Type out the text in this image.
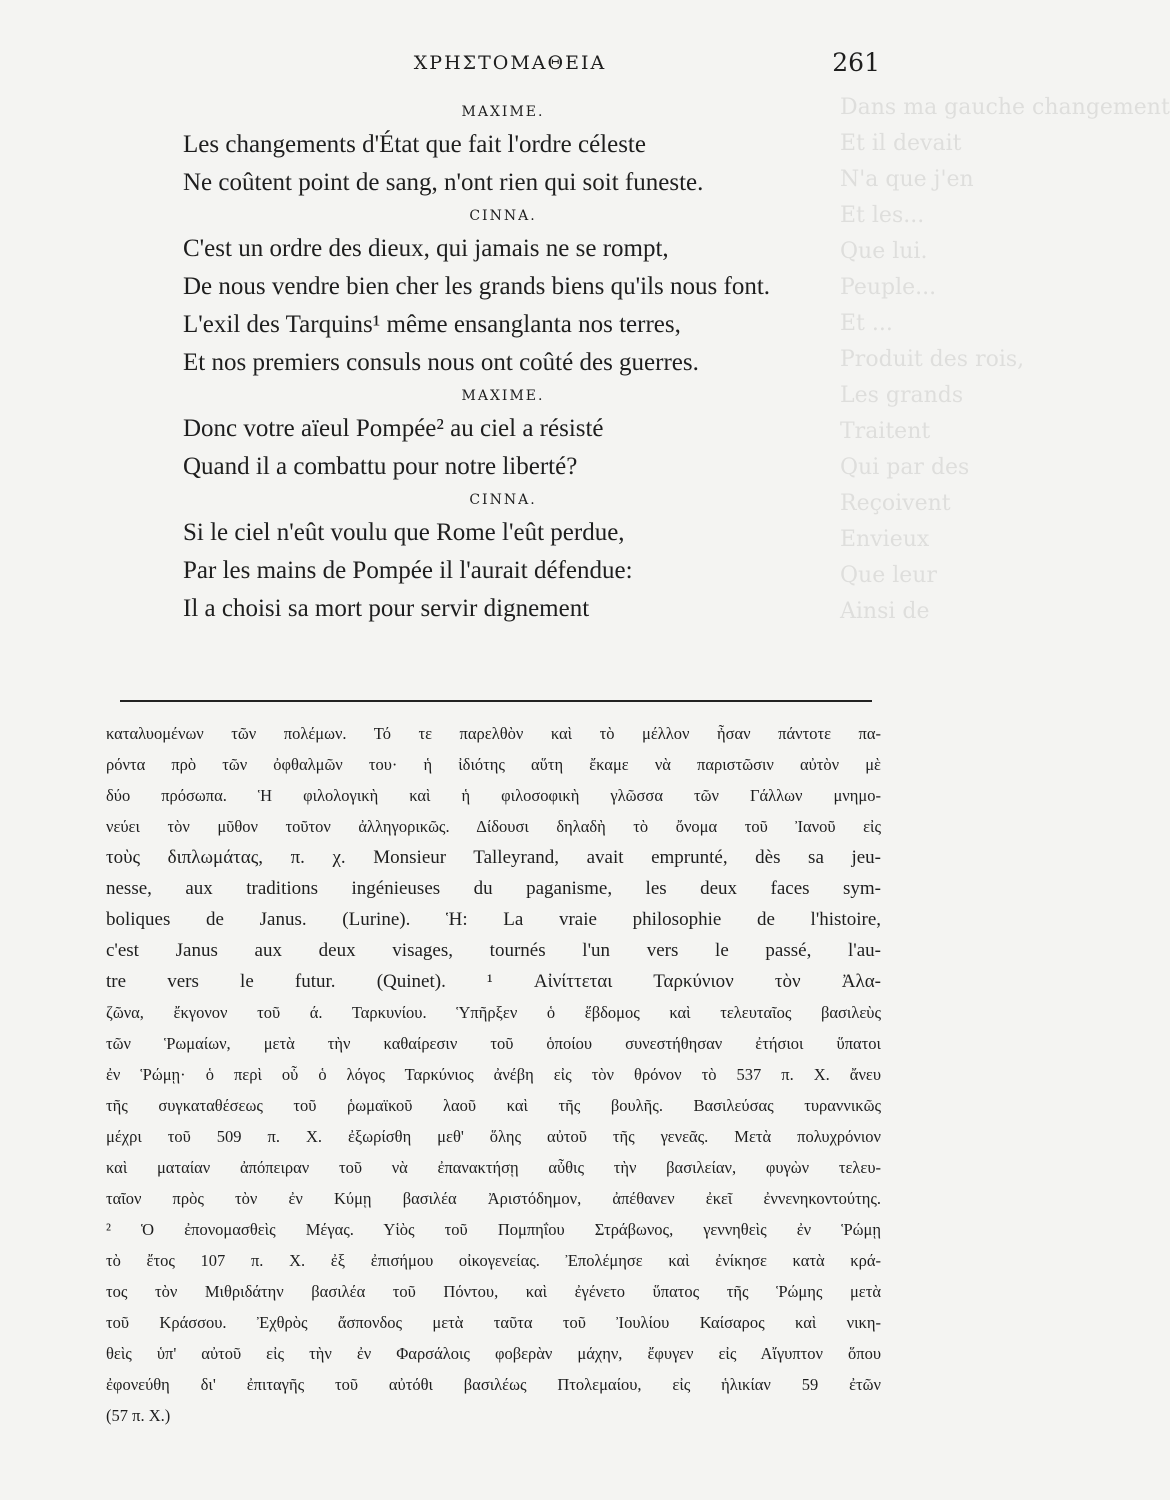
Dans ma gauche changement
Et il devait
N'a que j'en
Et les...
Que lui.
Peuple...
Et ...
Produit des rois,
Les grands
Traitent
Qui par des
Reçoivent
Envieux
Que leur
Ainsi de
ΧΡΗΣΤΟΜΑΘΕΙΑ	261
MAXIME.
Les changements d'État que fait l'ordre céleste
Ne coûtent point de sang, n'ont rien qui soit funeste.
CINNA.
C'est un ordre des dieux, qui jamais ne se rompt,
De nous vendre bien cher les grands biens qu'ils nous font.
L'exil des Tarquins¹ même ensanglanta nos terres,
Et nos premiers consuls nous ont coûté des guerres.
MAXIME.
Donc votre aïeul Pompée² au ciel a résisté
Quand il a combattu pour notre liberté?
CINNA.
Si le ciel n'eût voulu que Rome l'eût perdue,
Par les mains de Pompée il l'aurait défendue:
Il a choisi sa mort pour servir dignement
καταλυομένων τῶν πολέμων. Τό τε παρελθὸν καὶ τὸ μέλλον ἦσαν πάντοτε πα-
ρόντα πρὸ τῶν ὀφθαλμῶν του· ἡ ἰδιότης αὕτη ἔκαμε νὰ παριστῶσιν αὐτὸν μὲ
δύο πρόσωπα. Ἡ φιλολογικὴ καὶ ἡ φιλοσοφικὴ γλῶσσα τῶν Γάλλων μνημο-
νεύει τὸν μῦθον τοῦτον ἀλληγορικῶς. Δίδουσι δηλαδὴ τὸ ὄνομα τοῦ Ἰανοῦ εἰς
τοὺς διπλωμάτας, π. χ. Monsieur Talleyrand, avait emprunté, dès sa jeu-
nesse, aux traditions ingénieuses du paganisme, les deux faces sym-
boliques de Janus. (Lurine). Ἡ: La vraie philosophie de l'histoire,
c'est Janus aux deux visages, tournés l'un vers le passé, l'au-
tre vers le futur. (Quinet). ¹ Αἰνίττεται Ταρκύνιον τὸν Ἀλα-
ζῶνα, ἔκγονον τοῦ ά. Ταρκυνίου. Ὑπῆρξεν ὁ ἕβδομος καὶ τελευταῖος βασιλεὺς
τῶν Ῥωμαίων, μετὰ τὴν καθαίρεσιν τοῦ ὁποίου συνεστήθησαν ἐτήσιοι ὕπατοι
ἐν Ῥώμῃ· ὁ περὶ οὗ ὁ λόγος Ταρκύνιος ἀνέβη εἰς τὸν θρόνον τὸ 537 π. Χ. ἄνευ
τῆς συγκαταθέσεως τοῦ ῥωμαϊκοῦ λαοῦ καὶ τῆς βουλῆς. Βασιλεύσας τυραννικῶς
μέχρι τοῦ 509 π. Χ. ἐξωρίσθη μεθ' ὅλης αὐτοῦ τῆς γενεᾶς. Μετὰ πολυχρόνιον
καὶ ματαίαν ἀπόπειραν τοῦ νὰ ἐπανακτήσῃ αὖθις τὴν βασιλείαν, φυγὼν τελευ-
ταῖον πρὸς τὸν ἐν Κύμῃ βασιλέα Ἀριστόδημον, ἀπέθανεν ἐκεῖ ἐννενηκοντούτης.
² Ὁ ἐπονομασθεὶς Μέγας. Υἱὸς τοῦ Πομπηΐου Στράβωνος, γεννηθεὶς ἐν Ῥώμῃ
τὸ ἔτος 107 π. Χ. ἐξ ἐπισήμου οἰκογενείας. Ἐπολέμησε καὶ ἐνίκησε κατὰ κρά-
τος τὸν Μιθριδάτην βασιλέα τοῦ Πόντου, καὶ ἐγένετο ὕπατος τῆς Ῥώμης μετὰ
τοῦ Κράσσου. Ἐχθρὸς ἄσπονδος μετὰ ταῦτα τοῦ Ἰουλίου Καίσαρος καὶ νικη-
θεὶς ὑπ' αὐτοῦ εἰς τὴν ἐν Φαρσάλοις φοβερὰν μάχην, ἔφυγεν εἰς Αἴγυπτον ὅπου
ἐφονεύθη δι' ἐπιταγῆς τοῦ αὐτόθι βασιλέως Πτολεμαίου, εἰς ἡλικίαν 59 ἐτῶν
(57 π. Χ.)
